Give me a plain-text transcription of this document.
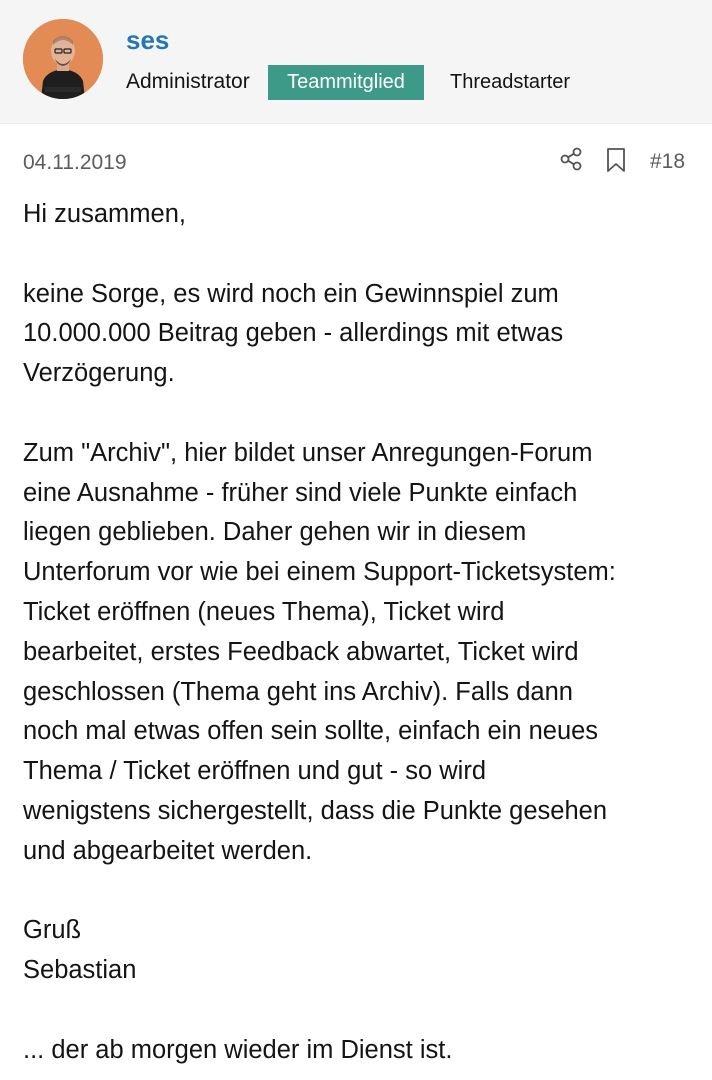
ses
Administrator	Teammitglied	Threadstarter
04.11.2019	#18

Hi zusammen,

keine Sorge, es wird noch ein Gewinnspiel zum

10.000.000 Beitrag geben - allerdings mit etwas

Verzögerung.

Zum "Archiv", hier bildet unser Anregungen-Forum

eine Ausnahme - früher sind viele Punkte einfach

liegen geblieben. Daher gehen wir in diesem

Unterforum vor wie bei einem Support-Ticketsystem:

Ticket eröffnen (neues Thema), Ticket wird

bearbeitet, erstes Feedback abwartet, Ticket wird

geschlossen (Thema geht ins Archiv). Falls dann

noch mal etwas offen sein sollte, einfach ein neues

Thema / Ticket eröffnen und gut - so wird

wenigstens sichergestellt, dass die Punkte gesehen

und abgearbeitet werden.

Gruß

Sebastian

... der ab morgen wieder im Dienst ist.
